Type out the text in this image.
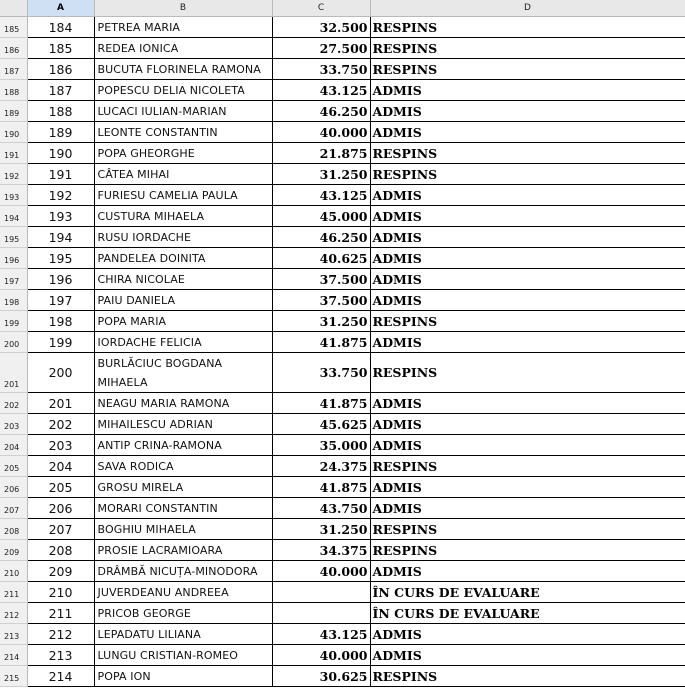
	A	B	C	D
185	184	PETREA MARIA	32.500	RESPINS
186	185	REDEA IONICA	27.500	RESPINS
187	186	BUCUTA FLORINELA RAMONA	33.750	RESPINS
188	187	POPESCU DELIA NICOLETA	43.125	ADMIS
189	188	LUCACI IULIAN-MARIAN	46.250	ADMIS
190	189	LEONTE CONSTANTIN	40.000	ADMIS
191	190	POPA GHEORGHE	21.875	RESPINS
192	191	CÂTEA MIHAI	31.250	RESPINS
193	192	FURIESU CAMELIA PAULA	43.125	ADMIS
194	193	CUSTURA MIHAELA	45.000	ADMIS
195	194	RUSU IORDACHE	46.250	ADMIS
196	195	PANDELEA DOINITA	40.625	ADMIS
197	196	CHIRA NICOLAE	37.500	ADMIS
198	197	PAIU DANIELA	37.500	ADMIS
199	198	POPA MARIA	31.250	RESPINS
200	199	IORDACHE FELICIA	41.875	ADMIS
201	200	BURLĂCIUC BOGDANA MIHAELA	33.750	RESPINS
202	201	NEAGU MARIA RAMONA	41.875	ADMIS
203	202	MIHAILESCU ADRIAN	45.625	ADMIS
204	203	ANTIP CRINA-RAMONA	35.000	ADMIS
205	204	SAVA RODICA	24.375	RESPINS
206	205	GROSU MIRELA	41.875	ADMIS
207	206	MORARI CONSTANTIN	43.750	ADMIS
208	207	BOGHIU MIHAELA	31.250	RESPINS
209	208	PROSIE LACRAMIOARA	34.375	RESPINS
210	209	DRÂMBĂ NICUȚA-MINODORA	40.000	ADMIS
211	210	JUVERDEANU ANDREEA		ÎN CURS DE EVALUARE
212	211	PRICOB GEORGE		ÎN CURS DE EVALUARE
213	212	LEPADATU LILIANA	43.125	ADMIS
214	213	LUNGU CRISTIAN-ROMEO	40.000	ADMIS
215	214	POPA ION	30.625	RESPINS
